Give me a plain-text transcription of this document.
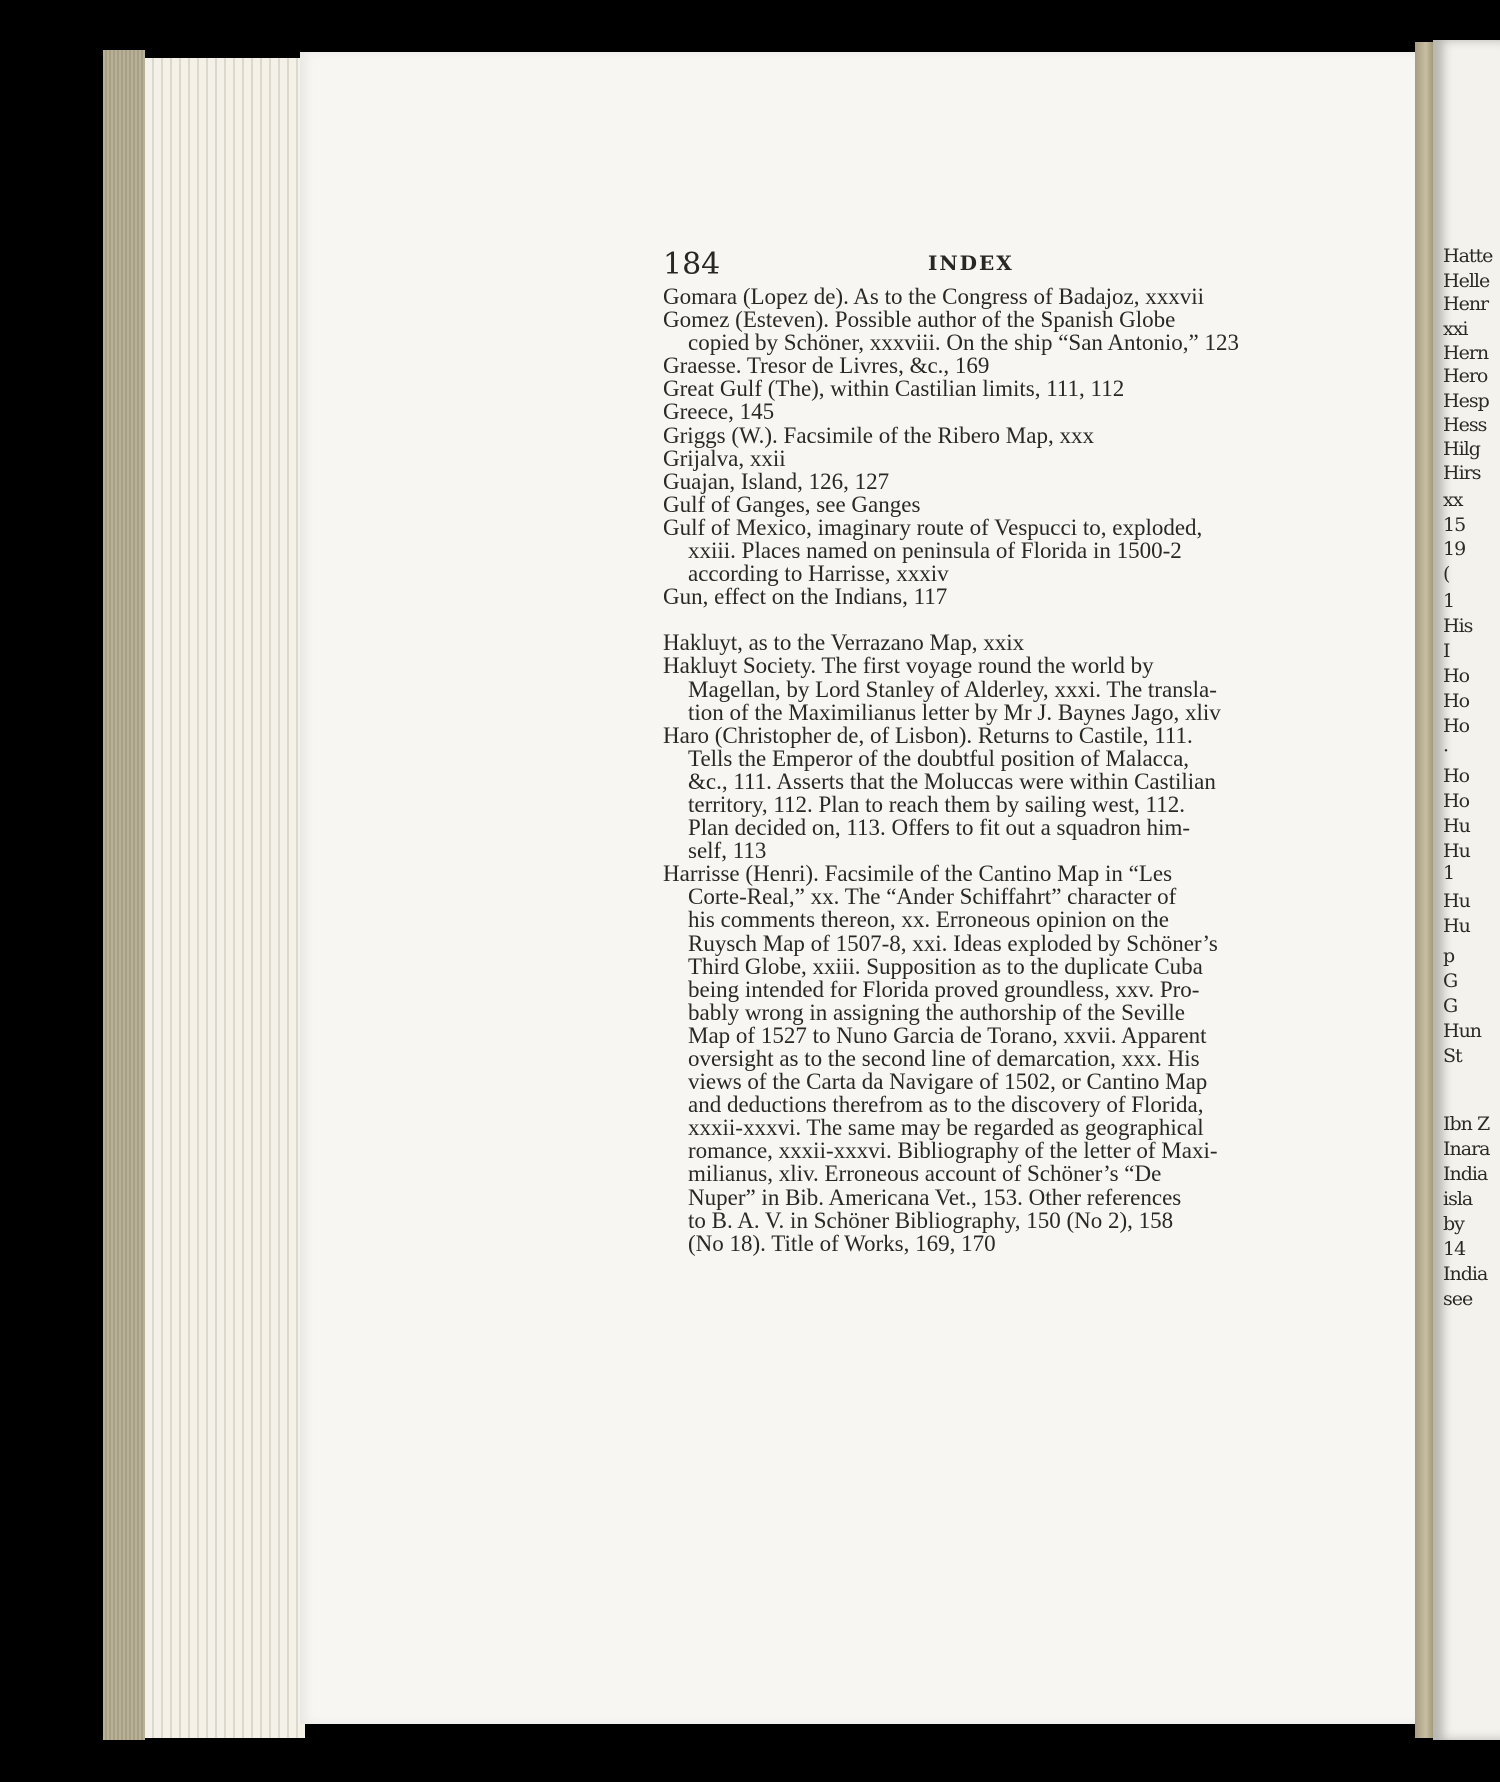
Hatte
Helle
Henr
xxi
Hern
Hero
Hesp
Hess
Hilg
Hirs
xx
15
19
(
1
His
I
Ho
Ho
Ho
·
Ho
Ho
Hu
Hu
1
Hu
Hu
p
G
G
Hun
St
Ibn Z
Inara
India
isla
by
14
India
see
184	INDEX
Gomara (Lopez de). As to the Congress of Badajoz, xxxvii
Gomez (Esteven). Possible author of the Spanish Globe
copied by Schöner, xxxviii. On the ship “San Antonio,” 123
Graesse. Tresor de Livres, &c., 169
Great Gulf (The), within Castilian limits, 111, 112
Greece, 145
Griggs (W.). Facsimile of the Ribero Map, xxx
Grijalva, xxii
Guajan, Island, 126, 127
Gulf of Ganges, see Ganges
Gulf of Mexico, imaginary route of Vespucci to, exploded,
xxiii. Places named on peninsula of Florida in 1500-2
according to Harrisse, xxxiv
Gun, effect on the Indians, 117
Hakluyt, as to the Verrazano Map, xxix
Hakluyt Society. The first voyage round the world by
Magellan, by Lord Stanley of Alderley, xxxi. The transla-
tion of the Maximilianus letter by Mr J. Baynes Jago, xliv
Haro (Christopher de, of Lisbon). Returns to Castile, 111.
Tells the Emperor of the doubtful position of Malacca,
&c., 111. Asserts that the Moluccas were within Castilian
territory, 112. Plan to reach them by sailing west, 112.
Plan decided on, 113. Offers to fit out a squadron him-
self, 113
Harrisse (Henri). Facsimile of the Cantino Map in “Les
Corte-Real,” xx. The “Ander Schiffahrt” character of
his comments thereon, xx. Erroneous opinion on the
Ruysch Map of 1507-8, xxi. Ideas exploded by Schöner’s
Third Globe, xxiii. Supposition as to the duplicate Cuba
being intended for Florida proved groundless, xxv. Pro-
bably wrong in assigning the authorship of the Seville
Map of 1527 to Nuno Garcia de Torano, xxvii. Apparent
oversight as to the second line of demarcation, xxx. His
views of the Carta da Navigare of 1502, or Cantino Map
and deductions therefrom as to the discovery of Florida,
xxxii-xxxvi. The same may be regarded as geographical
romance, xxxii-xxxvi. Bibliography of the letter of Maxi-
milianus, xliv. Erroneous account of Schöner’s “De
Nuper” in Bib. Americana Vet., 153. Other references
to B. A. V. in Schöner Bibliography, 150 (No 2), 158
(No 18). Title of Works, 169, 170
